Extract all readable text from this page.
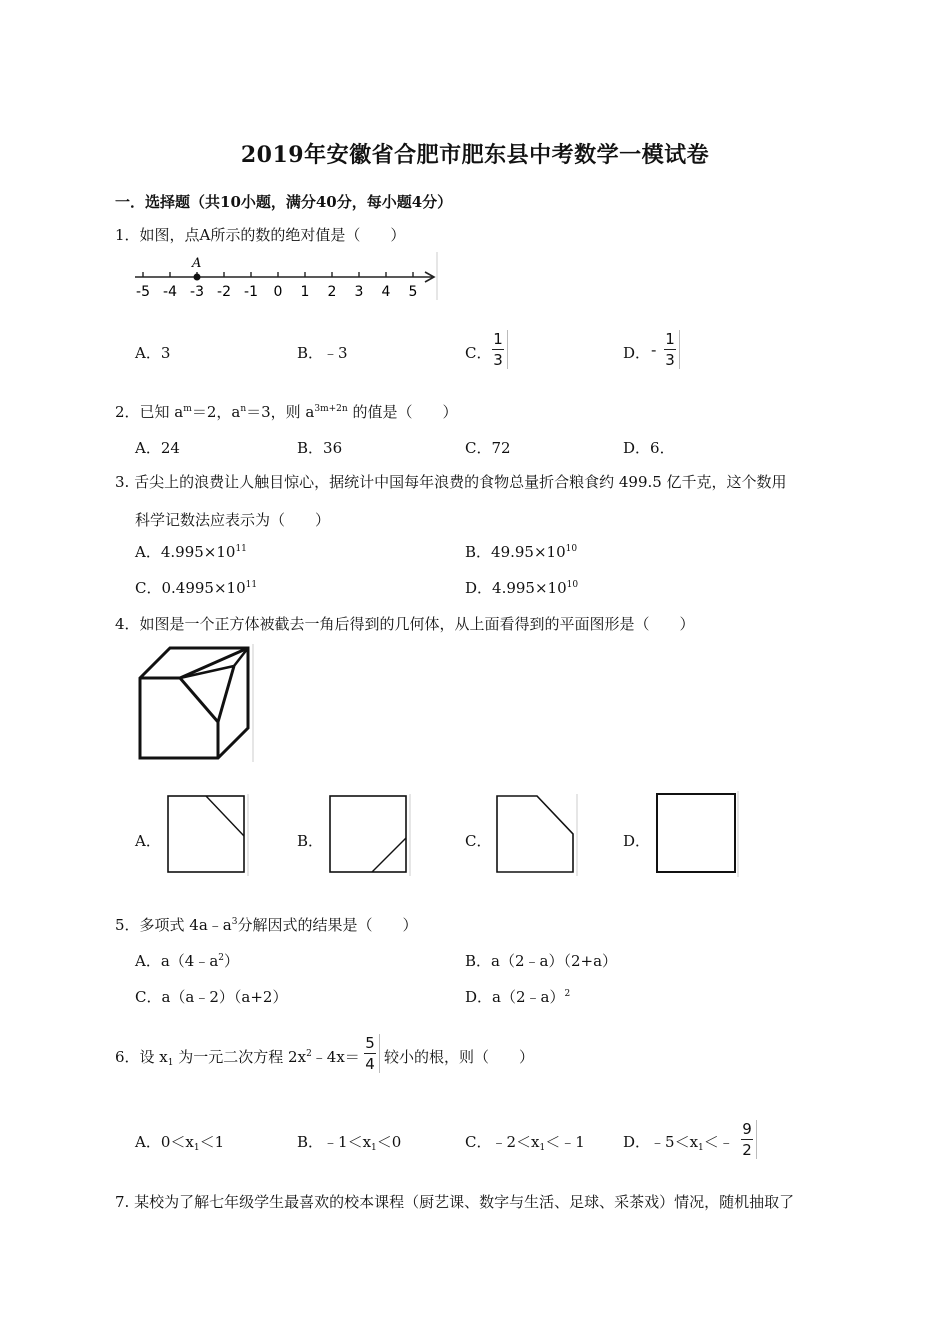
2019年安徽省合肥市肥东县中考数学一模试卷
一．选择题（共10小题，满分40分，每小题4分）
1．如图，点A所示的数的绝对值是（　　）
-5 -4 -3 -2 -1 0 1 2 3 4 5
A
A．3	B．﹣3	C．
1
3	D． -
1
3
2．已知 $a^m=2$，$a^n=3$，则 $a^{3m+2n}$ 的值是（　　）
A．24	B．36	C．72	D．6．
3. 舌尖上的浪费让人触目惊心，据统计中国每年浪费的食物总量折合粮食约 499.5 亿千克，这个数用
科学记数法应表示为（　　）
A．$4.995\times 10^{11}$	B．$49.95\times 10^{10}$
C．$0.4995\times 10^{11}$	D．$4.995\times 10^{10}$
4．如图是一个正方体被截去一角后得到的几何体，从上面看得到的平面图形是（　　）
A．	B．	C．	D．
5．多项式 $4a﹣a^3$分解因式的结果是（　　）
A．$a(4﹣a^2)$	B．a（2﹣a）（2+a）
C．a（a﹣2）（a+2）	D．a（2﹣a）$^2$
6．设 $x_1$ 为一元二次方程 $2x^2﹣4x=$
5
4 较小的根，则（　　）
A．$0<x_1<1$	B．$﹣1<x_1<0$	C．$﹣2<x_1<﹣1$	D．$﹣5<x_1<﹣$
9
2
7. 某校为了解七年级学生最喜欢的校本课程（厨艺课、数字与生活、足球、采茶戏）情况，随机抽取了
